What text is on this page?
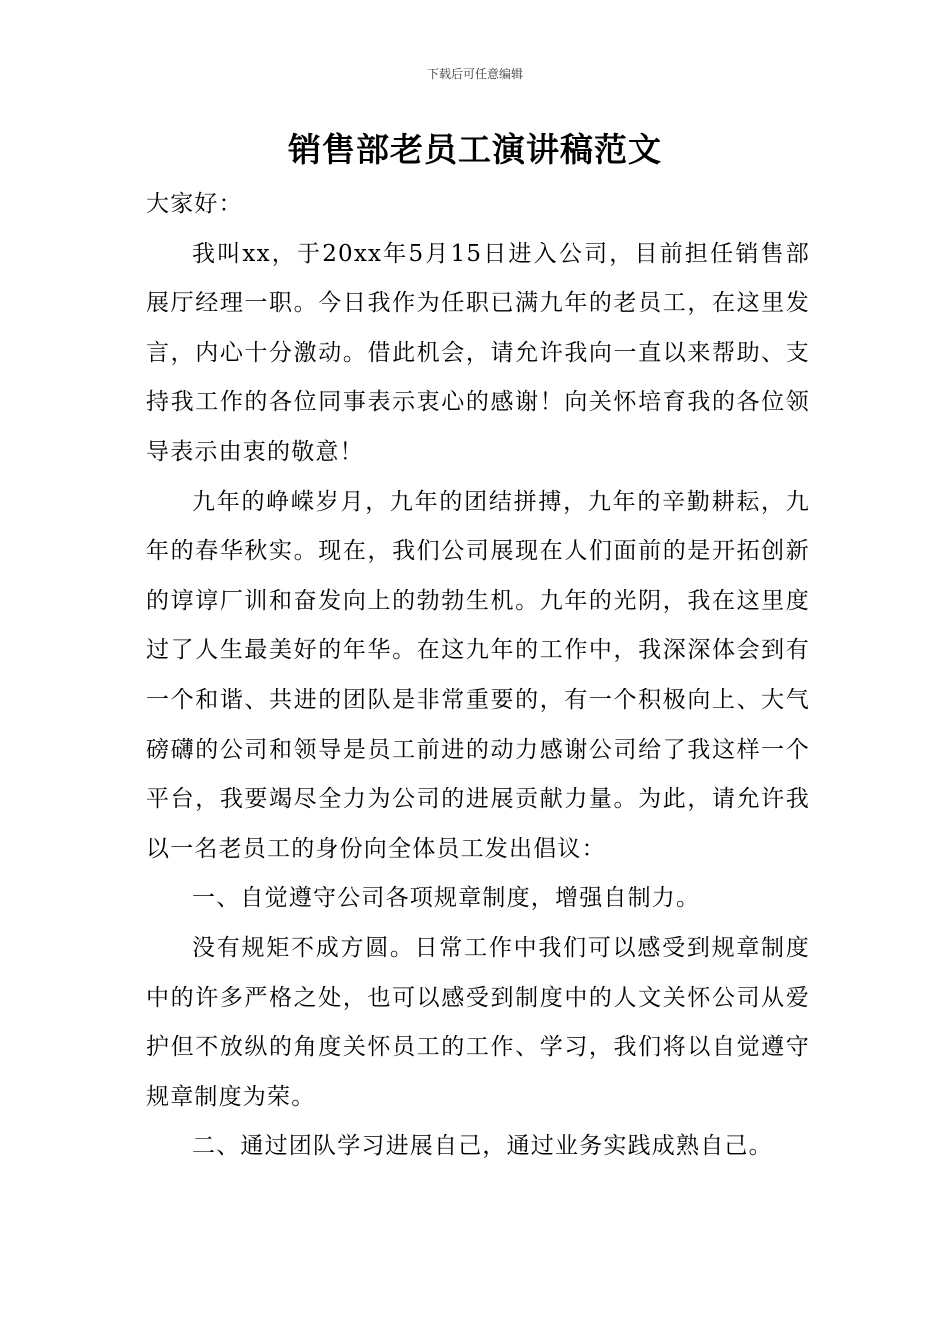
下载后可任意编辑
销售部老员工演讲稿范文

大家好：

我叫xx，于20xx年5月15日进入公司，目前担任销售部展厅经理一职。今日我作为任职已满九年的老员工，在这里发言，内心十分激动。借此机会，请允许我向一直以来帮助、支持我工作的各位同事表示衷心的感谢！向关怀培育我的各位领导表示由衷的敬意！

九年的峥嵘岁月，九年的团结拼搏，九年的辛勤耕耘，九年的春华秋实。现在，我们公司展现在人们面前的是开拓创新的谆谆厂训和奋发向上的勃勃生机。九年的光阴，我在这里度过了人生最美好的年华。在这九年的工作中，我深深体会到有一个和谐、共进的团队是非常重要的，有一个积极向上、大气磅礴的公司和领导是员工前进的动力感谢公司给了我这样一个平台，我要竭尽全力为公司的进展贡献力量。为此，请允许我以一名老员工的身份向全体员工发出倡议：

一、自觉遵守公司各项规章制度，增强自制力。

没有规矩不成方圆。日常工作中我们可以感受到规章制度中的许多严格之处，也可以感受到制度中的人文关怀公司从爱护但不放纵的角度关怀员工的工作、学习，我们将以自觉遵守规章制度为荣。

二、通过团队学习进展自己，通过业务实践成熟自己。
